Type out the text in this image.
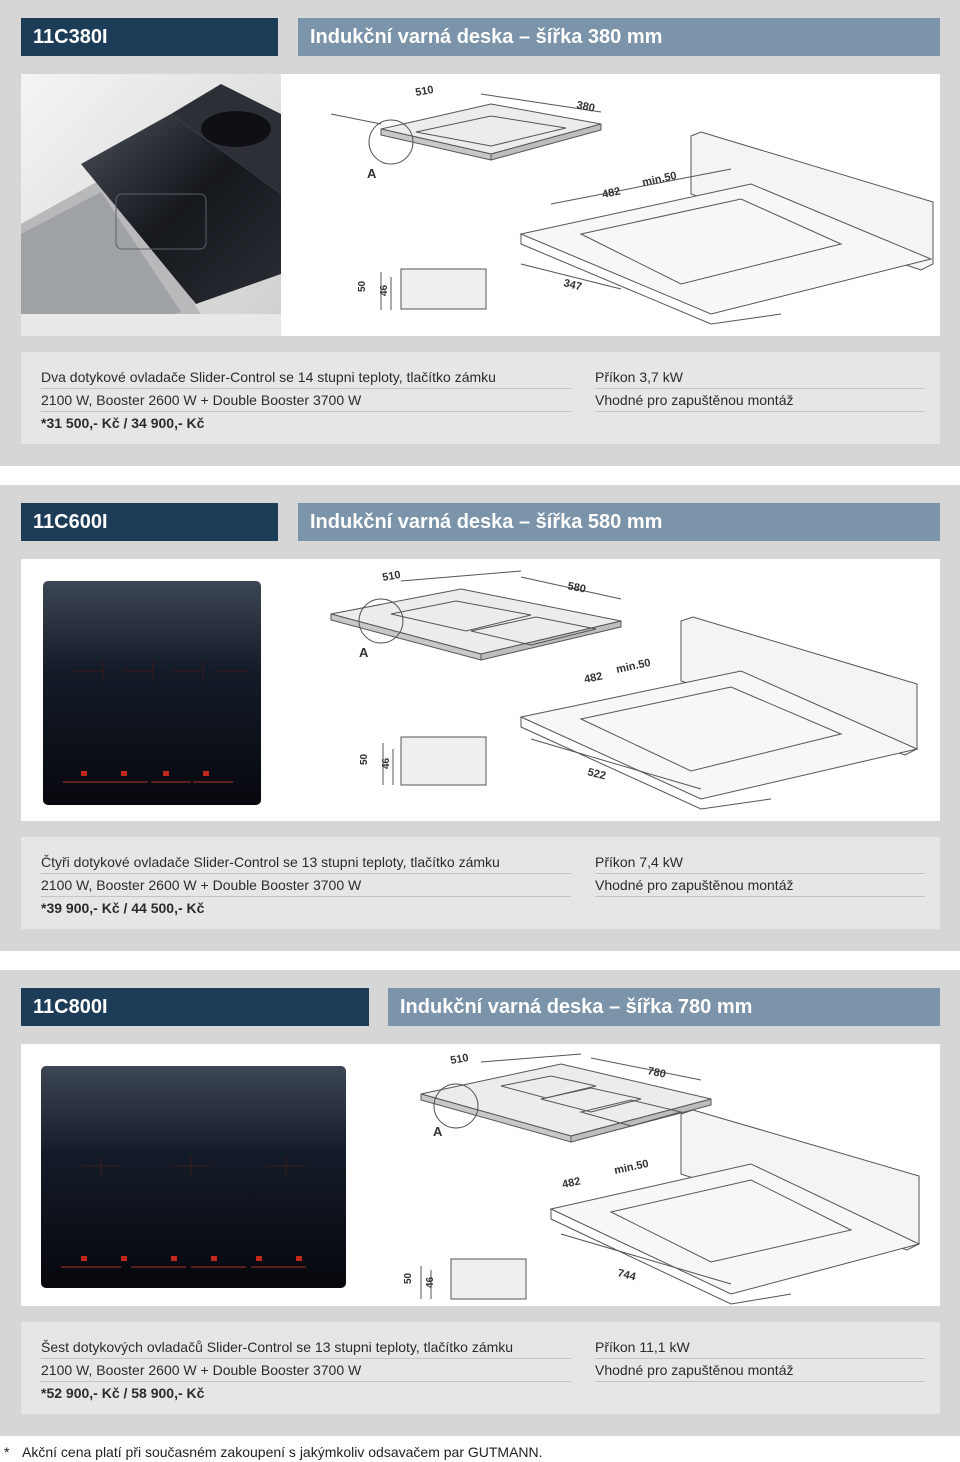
11C380I	Indukční varná deska – šířka 380 mm
510
380
482
min.50
347
50 46
A
Dva dotykové ovladače Slider-Control se 14 stupni teploty, tlačítko zámku
2100 W, Booster 2600 W + Double Booster 3700 W
*31 500,- Kč / 34 900,- Kč
Příkon 3,7 kW
Vhodné pro zapuštěnou montáž
11C600I	Indukční varná deska – šířka 580 mm
510
580
482
min.50
522
50 46
A
Čtyři dotykové ovladače Slider-Control se 13 stupni teploty, tlačítko zámku
2100 W, Booster 2600 W + Double Booster 3700 W
*39 900,- Kč / 44 500,- Kč
Příkon 7,4 kW
Vhodné pro zapuštěnou montáž
11C800I	Indukční varná deska – šířka 780 mm
510
780
482
min.50
744
50 46
A
Šest dotykových ovladačů Slider-Control se 13 stupni teploty, tlačítko zámku
2100 W, Booster 2600 W + Double Booster 3700 W
*52 900,- Kč / 58 900,- Kč
Příkon 11,1 kW
Vhodné pro zapuštěnou montáž
* Akční cena platí při současném zakoupení s jakýmkoliv odsavačem par GUTMANN.
